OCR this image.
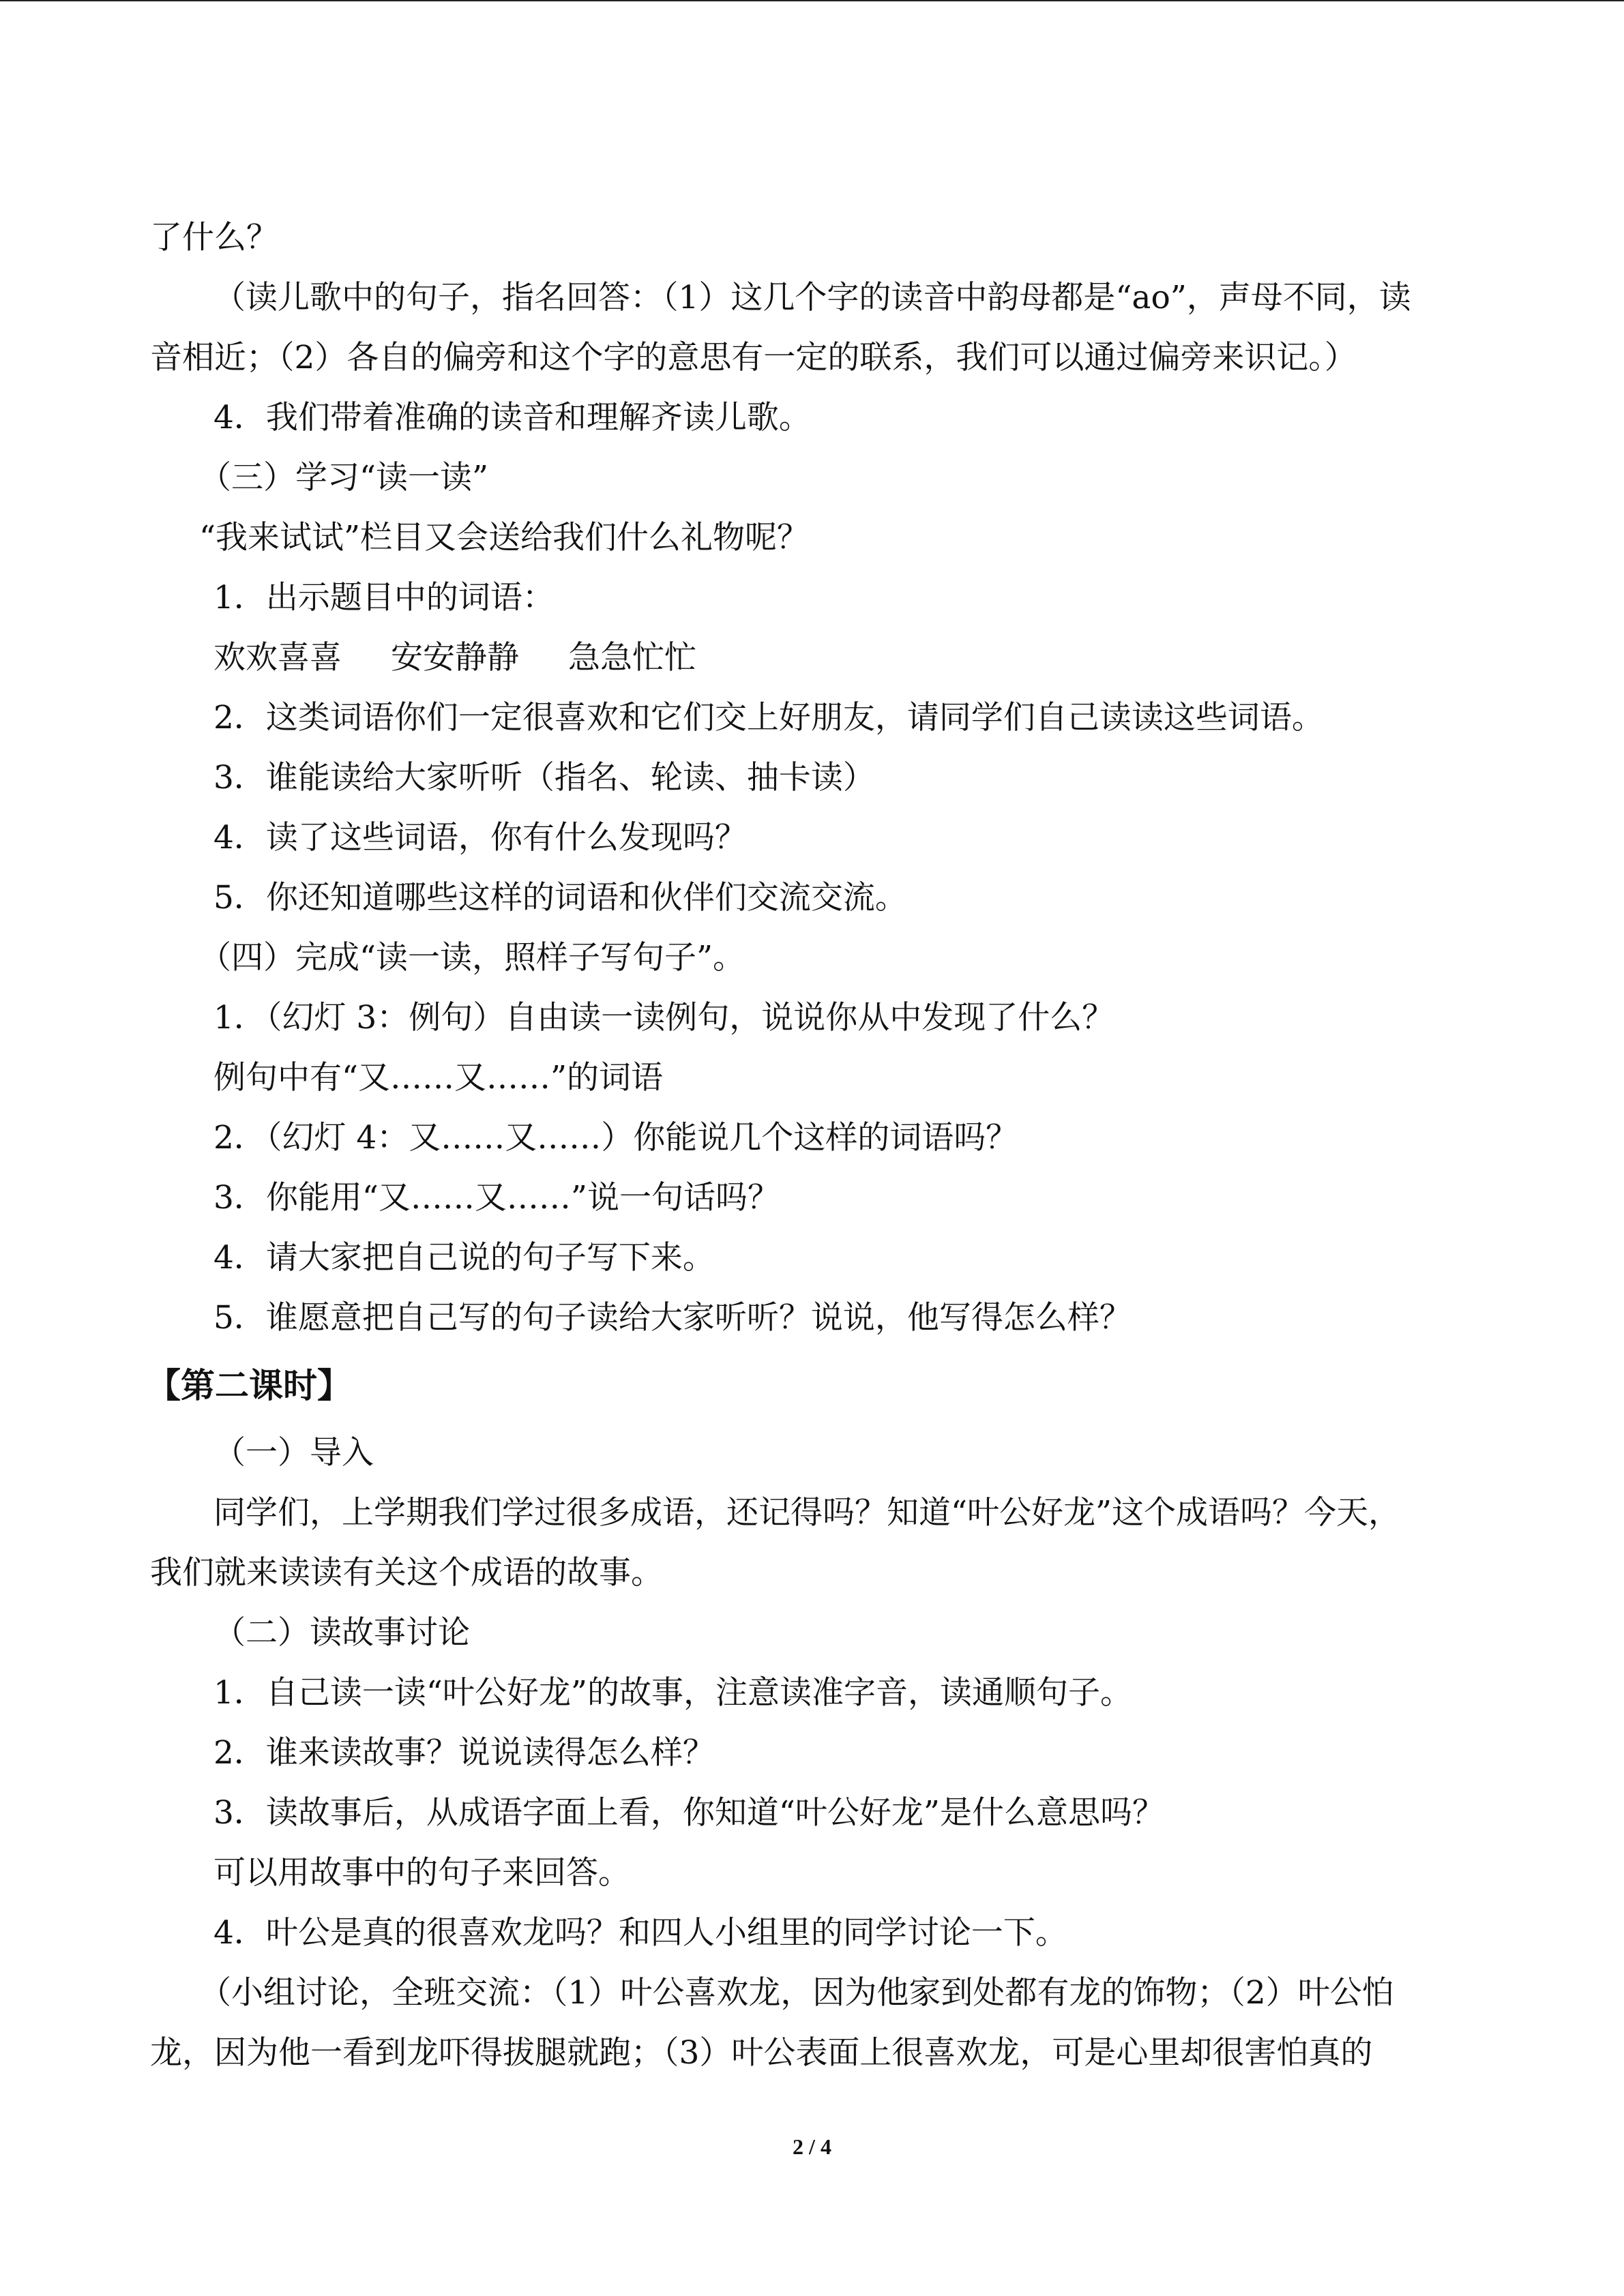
了什么？
（读儿歌中的句子，指名回答：（1）这几个字的读音中韵母都是“ao”，声母不同，读
音相近；（2）各自的偏旁和这个字的意思有一定的联系，我们可以通过偏旁来识记。）
4．我们带着准确的读音和理解齐读儿歌。
（三）学习“读一读”
“我来试试”栏目又会送给我们什么礼物呢？
1．出示题目中的词语：
欢欢喜喜 安安静静 急急忙忙
2．这类词语你们一定很喜欢和它们交上好朋友，请同学们自己读读这些词语。
3．谁能读给大家听听（指名、轮读、抽卡读）
4．读了这些词语，你有什么发现吗？
5．你还知道哪些这样的词语和伙伴们交流交流。
（四）完成“读一读，照样子写句子”。
1．（幻灯 3：例句）自由读一读例句，说说你从中发现了什么？
例句中有“又……又……”的词语
2．（幻灯 4：又……又……）你能说几个这样的词语吗？
3．你能用“又……又……”说一句话吗？
4．请大家把自己说的句子写下来。
5．谁愿意把自己写的句子读给大家听听？说说，他写得怎么样？
【第二课时】
（一）导入
同学们，上学期我们学过很多成语，还记得吗？知道“叶公好龙”这个成语吗？今天，
我们就来读读有关这个成语的故事。
（二）读故事讨论
1．自己读一读“叶公好龙”的故事，注意读准字音，读通顺句子。
2．谁来读故事？说说读得怎么样？
3．读故事后，从成语字面上看，你知道“叶公好龙”是什么意思吗？
可以用故事中的句子来回答。
4．叶公是真的很喜欢龙吗？和四人小组里的同学讨论一下。
（小组讨论，全班交流：（1）叶公喜欢龙，因为他家到处都有龙的饰物；（2）叶公怕
龙，因为他一看到龙吓得拔腿就跑；（3）叶公表面上很喜欢龙，可是心里却很害怕真的
2 / 4
